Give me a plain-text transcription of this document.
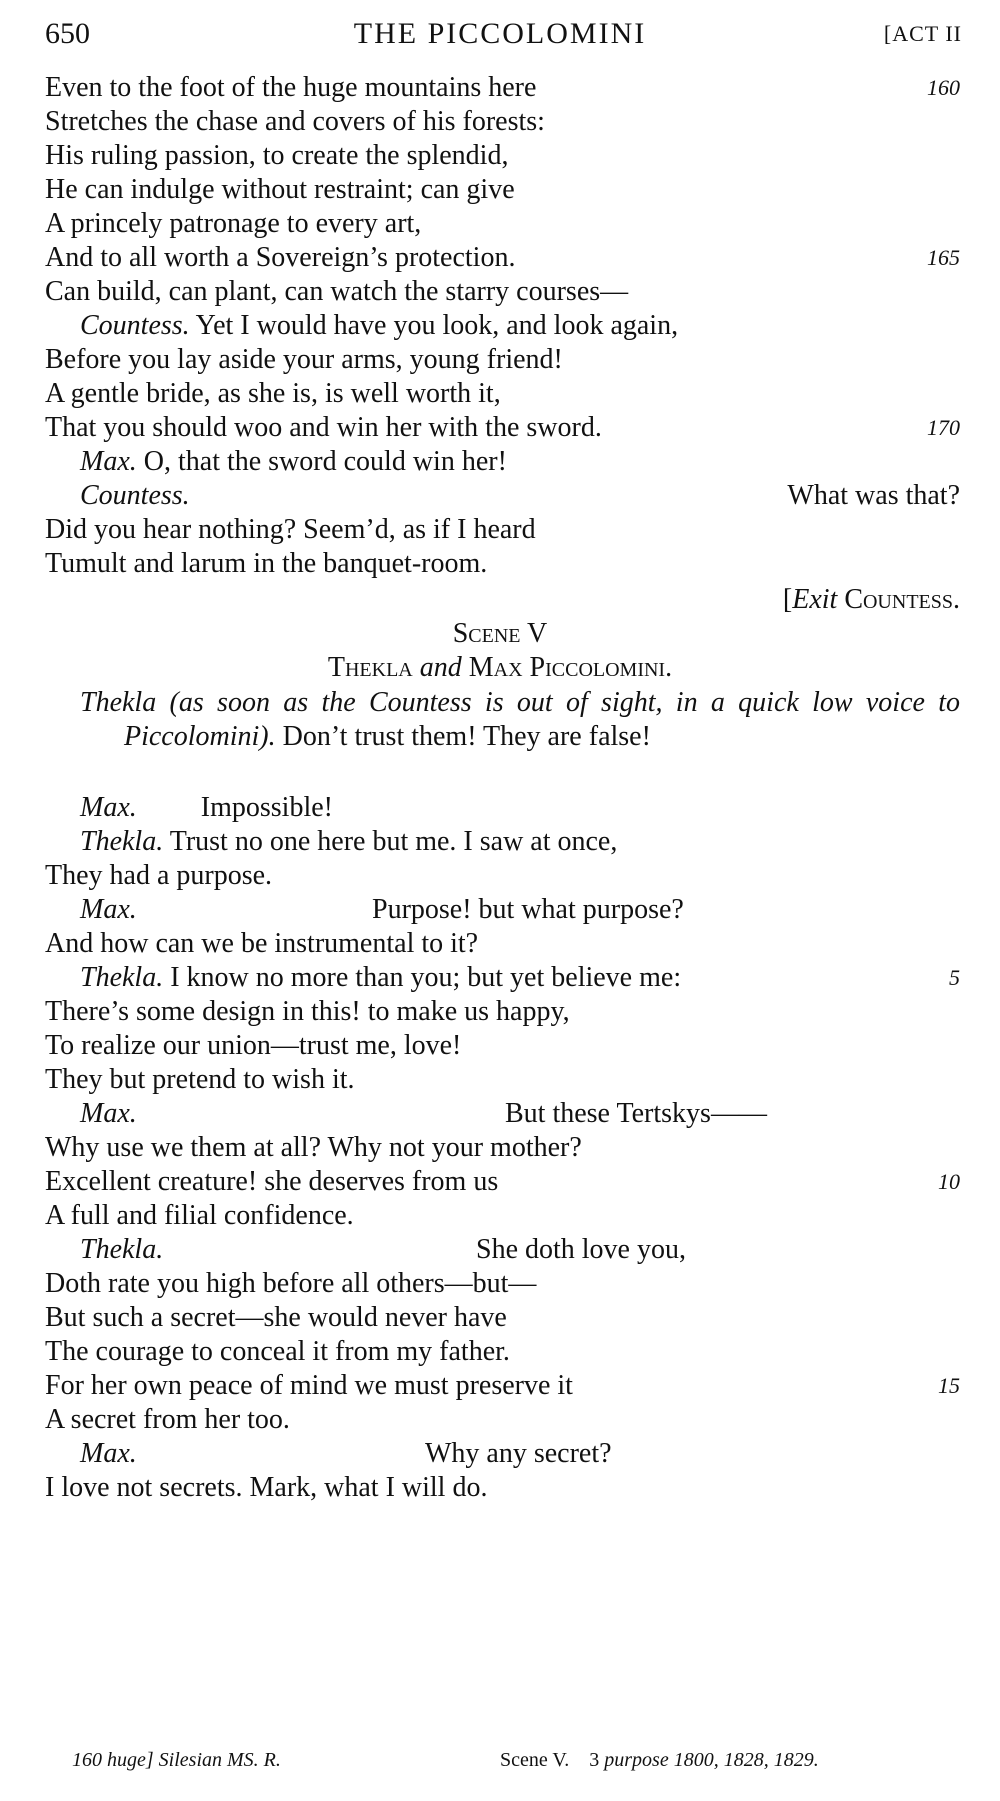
650	THE PICCOLOMINI	[ACT II
Even to the foot of the huge mountains here	160
Stretches the chase and covers of his forests:
His ruling passion, to create the splendid,
He can indulge without restraint; can give
A princely patronage to every art,
And to all worth a Sovereign’s protection.	165
Can build, can plant, can watch the starry courses—
Countess. Yet I would have you look, and look again,
Before you lay aside your arms, young friend!
A gentle bride, as she is, is well worth it,
That you should woo and win her with the sword.	170
Max. O, that the sword could win her!
Countess.	What was that?
Did you hear nothing? Seem’d, as if I heard
Tumult and larum in the banquet-room.
[Exit Countess.
Scene V
Thekla and Max Piccolomini.
Thekla (as soon as the Countess is out of sight, in a quick low voice to Piccolomini). Don’t trust them! They are false!
Max. Impossible!
Thekla. Trust no one here but me. I saw at once,
They had a purpose.
Max.	Purpose! but what purpose?
And how can we be instrumental to it?
Thekla. I know no more than you; but yet believe me:	5
There’s some design in this! to make us happy,
To realize our union—trust me, love!
They but pretend to wish it.
Max.	But these Tertskys——
Why use we them at all? Why not your mother?
Excellent creature! she deserves from us	10
A full and filial confidence.
Thekla.	She doth love you,
Doth rate you high before all others—but—
But such a secret—she would never have
The courage to conceal it from my father.
For her own peace of mind we must preserve it	15
A secret from her too.
Max.	Why any secret?
I love not secrets. Mark, what I will do.
160 huge] Silesian MS. R.	Scene V. 3 purpose 1800, 1828, 1829.
